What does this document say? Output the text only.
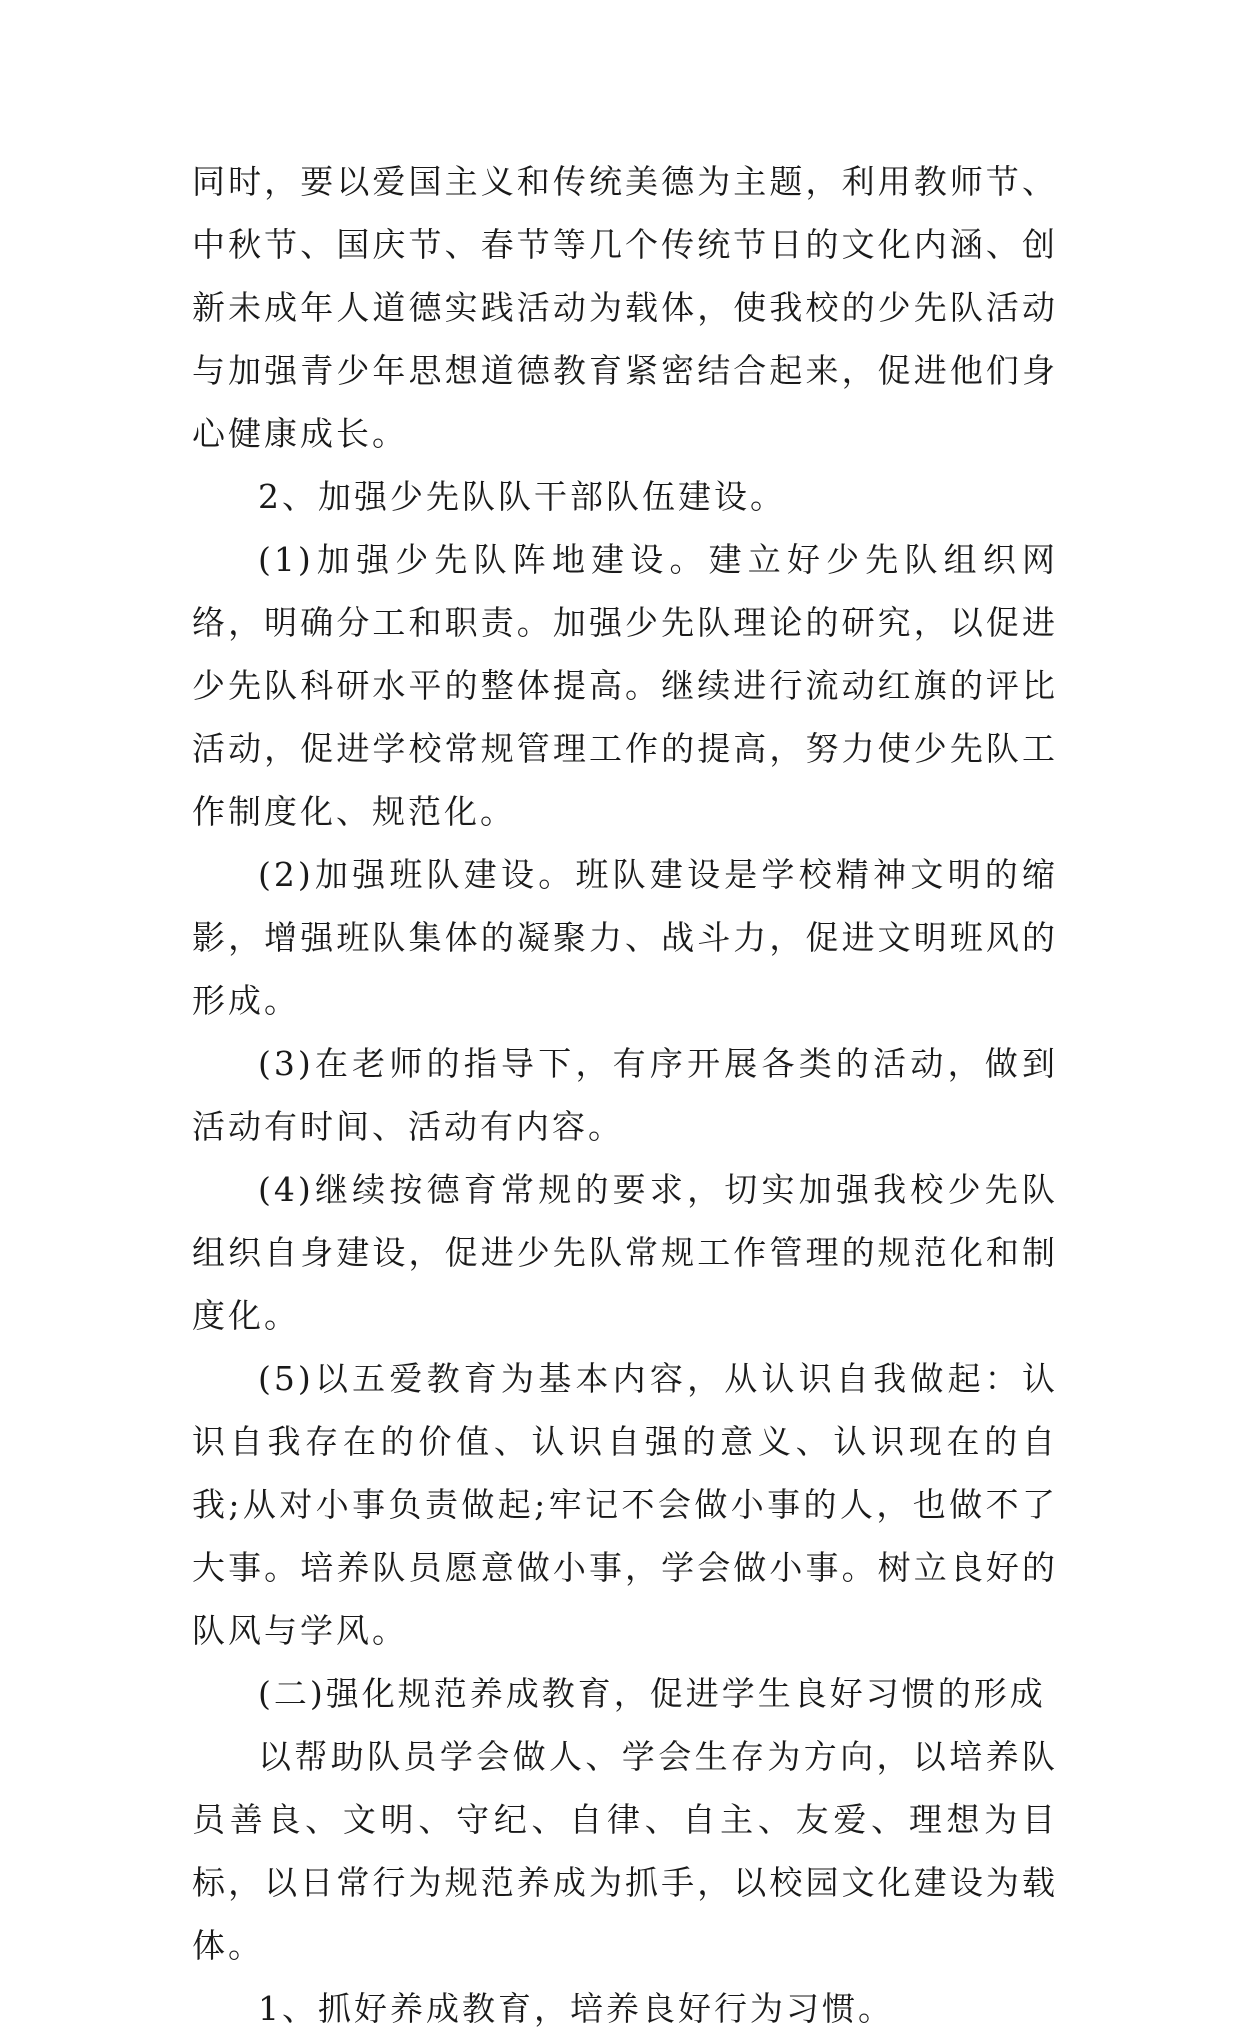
同时，要以爱国主义和传统美德为主题，利用教师节、中秋节、国庆节、春节等几个传统节日的文化内涵、创新未成年人道德实践活动为载体，使我校的少先队活动与加强青少年思想道德教育紧密结合起来，促进他们身心健康成长。

2、加强少先队队干部队伍建设。

(1)加强少先队阵地建设。建立好少先队组织网络，明确分工和职责。加强少先队理论的研究，以促进少先队科研水平的整体提高。继续进行流动红旗的评比活动，促进学校常规管理工作的提高，努力使少先队工作制度化、规范化。

(2)加强班队建设。班队建设是学校精神文明的缩影，增强班队集体的凝聚力、战斗力，促进文明班风的形成。

(3)在老师的指导下，有序开展各类的活动，做到活动有时间、活动有内容。

(4)继续按德育常规的要求，切实加强我校少先队组织自身建设，促进少先队常规工作管理的规范化和制度化。

(5)以五爱教育为基本内容，从认识自我做起：认识自我存在的价值、认识自强的意义、认识现在的自我;从对小事负责做起;牢记不会做小事的人，也做不了大事。培养队员愿意做小事，学会做小事。树立良好的队风与学风。

(二)强化规范养成教育，促进学生良好习惯的形成

以帮助队员学会做人、学会生存为方向，以培养队员善良、文明、守纪、自律、自主、友爱、理想为目标，以日常行为规范养成为抓手，以校园文化建设为载体。

1、抓好养成教育，培养良好行为习惯。
